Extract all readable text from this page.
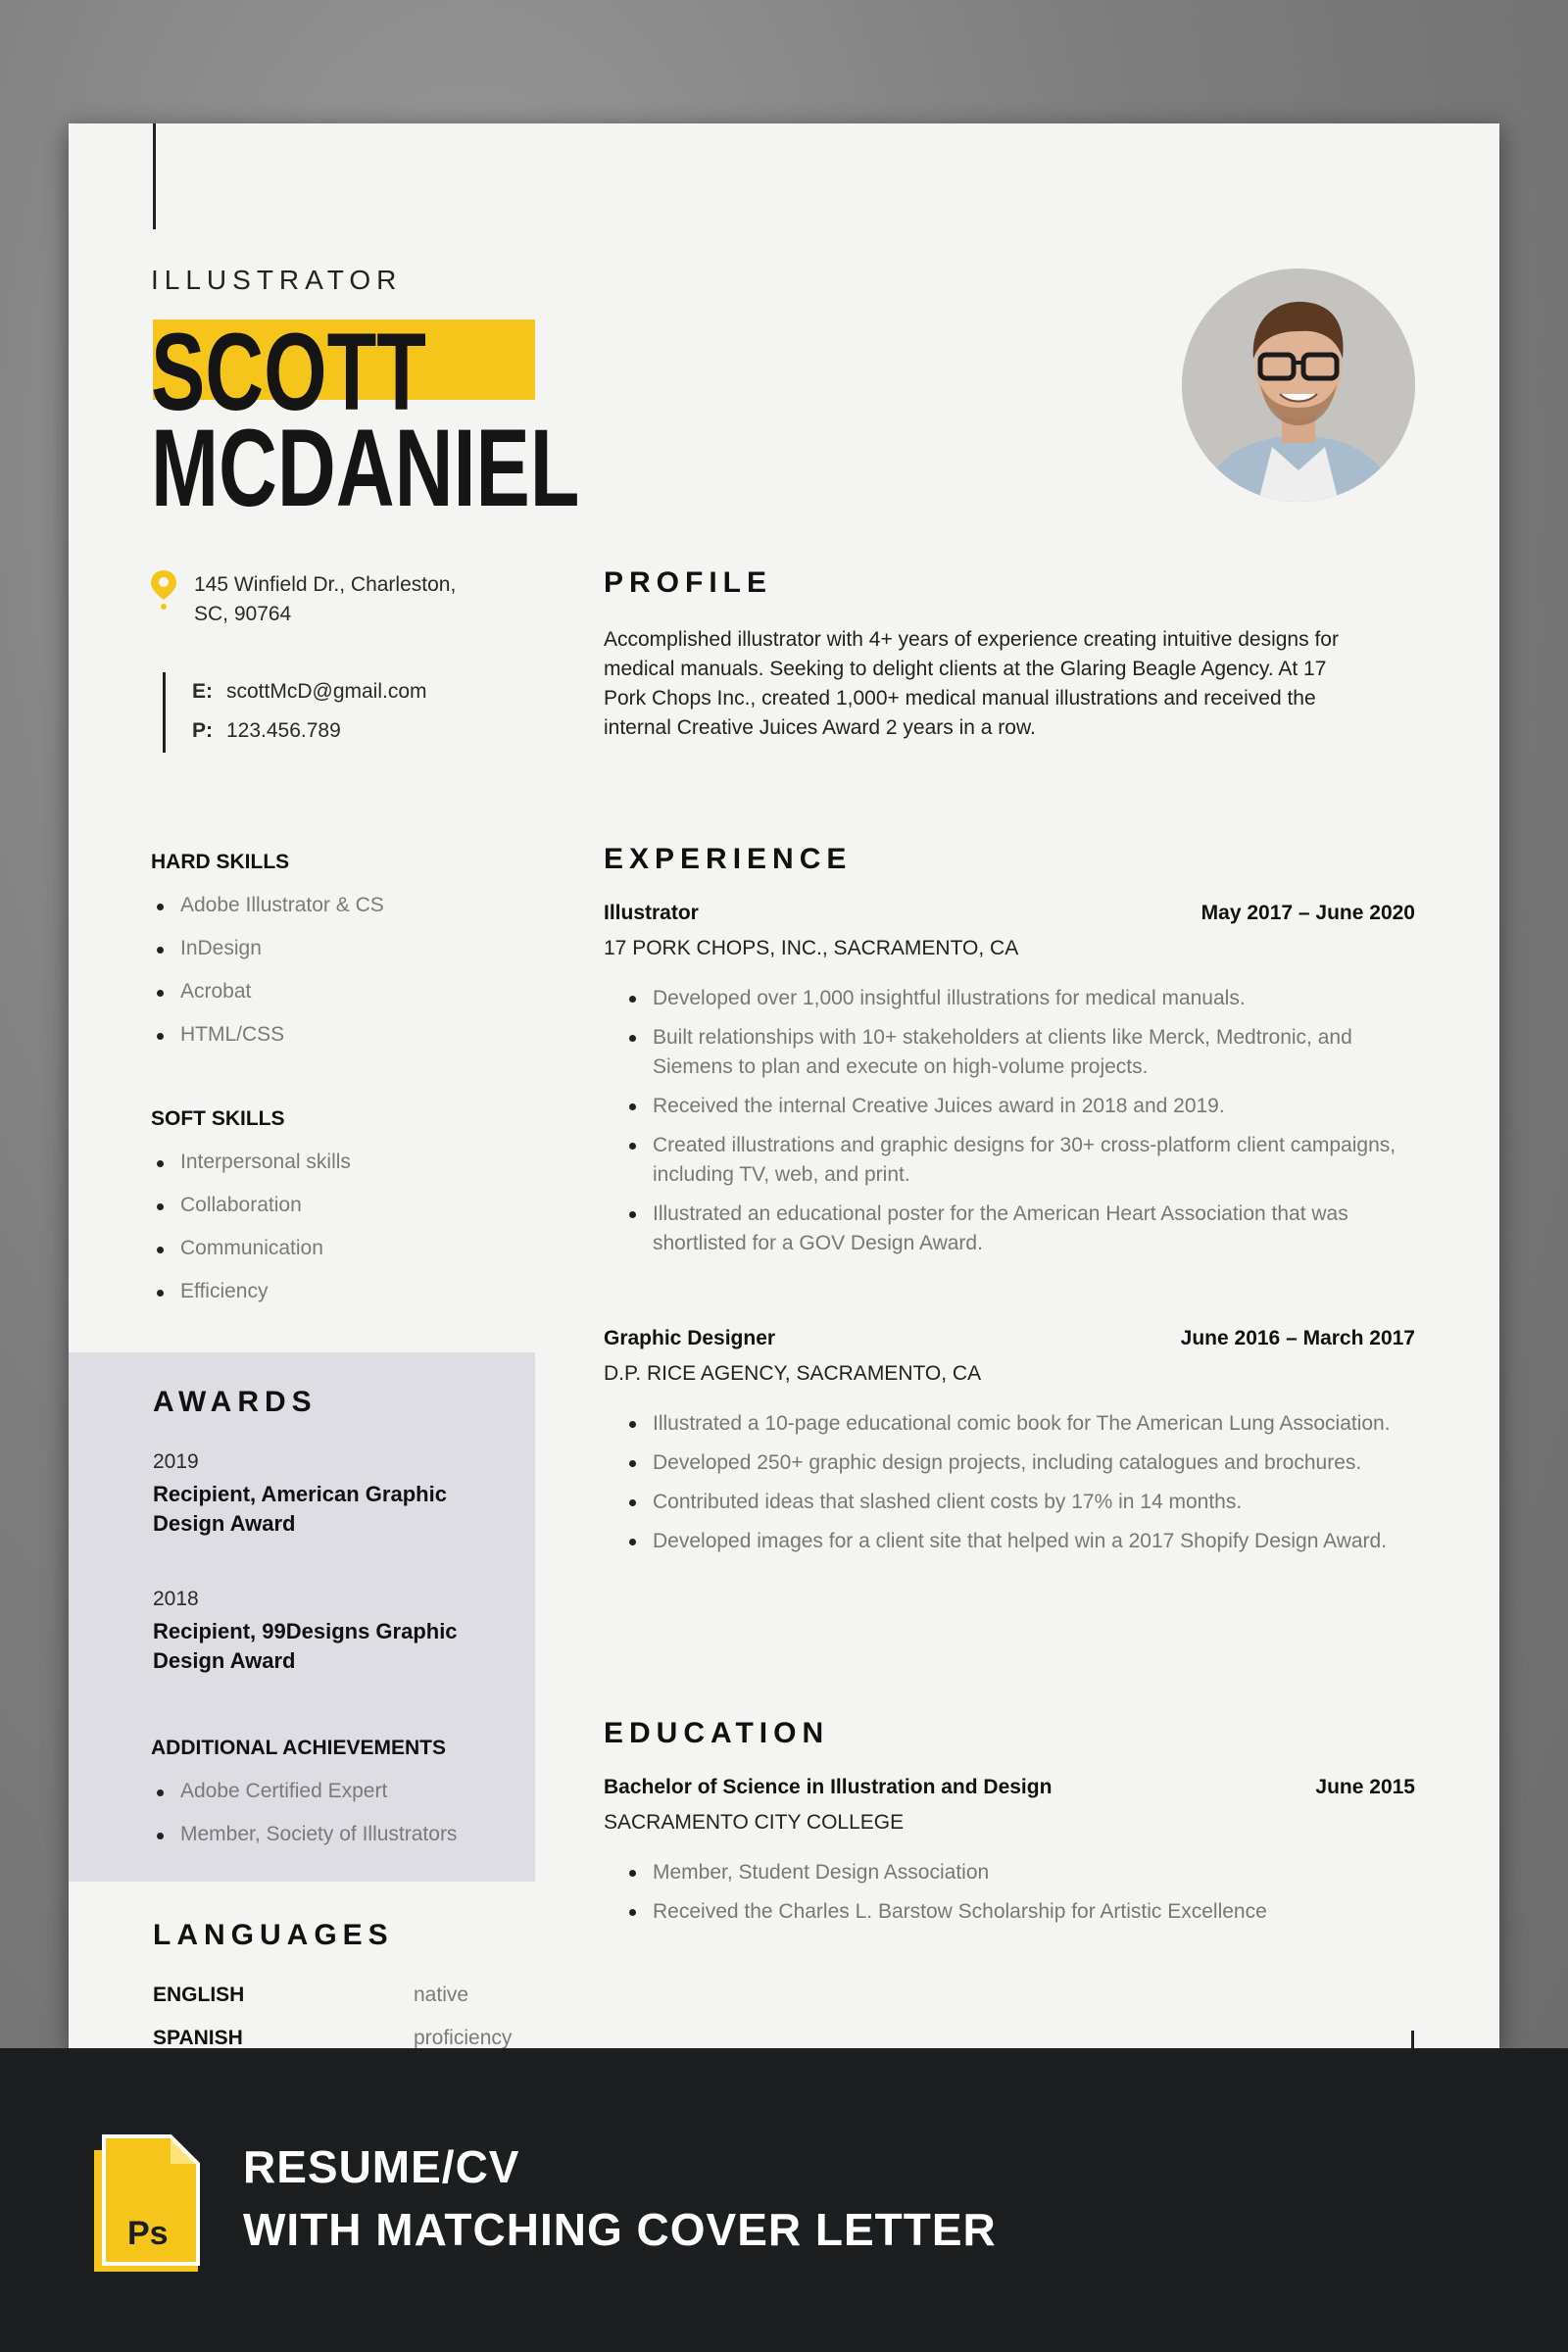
ILLUSTRATOR
SCOTT
MCDANIEL
145 Winfield Dr., Charleston,
SC, 90764
E: scottMcD@gmail.com
P: 123.456.789
HARD SKILLS
Adobe Illustrator & CS
InDesign
Acrobat
HTML/CSS
SOFT SKILLS
Interpersonal skills
Collaboration
Communication
Efficiency
AWARDS
2019
Recipient, American Graphic Design Award
2018
Recipient, 99Designs Graphic Design Award
ADDITIONAL ACHIEVEMENTS
Adobe Certified Expert
Member, Society of Illustrators
LANGUAGES
ENGLISH	native
SPANISH	proficiency
PROFILE
Accomplished illustrator with 4+ years of experience creating intuitive designs for medical manuals. Seeking to delight clients at the Glaring Beagle Agency. At 17 Pork Chops Inc., created 1,000+ medical manual illustrations and received the internal Creative Juices Award 2 years in a row.
EXPERIENCE
Illustrator	May 2017 – June 2020
17 PORK CHOPS, INC., SACRAMENTO, CA
Developed over 1,000 insightful illustrations for medical manuals.
Built relationships with 10+ stakeholders at clients like Merck, Medtronic, and Siemens to plan and execute on high-volume projects.
Received the internal Creative Juices award in 2018 and 2019.
Created illustrations and graphic designs for 30+ cross-platform client campaigns, including TV, web, and print.
Illustrated an educational poster for the American Heart Association that was shortlisted for a GOV Design Award.
Graphic Designer	June 2016 – March 2017
D.P. RICE AGENCY, SACRAMENTO, CA
Illustrated a 10-page educational comic book for The American Lung Association.
Developed 250+ graphic design projects, including catalogues and brochures.
Contributed ideas that slashed client costs by 17% in 14 months.
Developed images for a client site that helped win a 2017 Shopify Design Award.
EDUCATION
Bachelor of Science in Illustration and Design	June 2015
SACRAMENTO CITY COLLEGE
Member, Student Design Association
Received the Charles L. Barstow Scholarship for Artistic Excellence
Ps
RESUME/CV
WITH MATCHING COVER LETTER
